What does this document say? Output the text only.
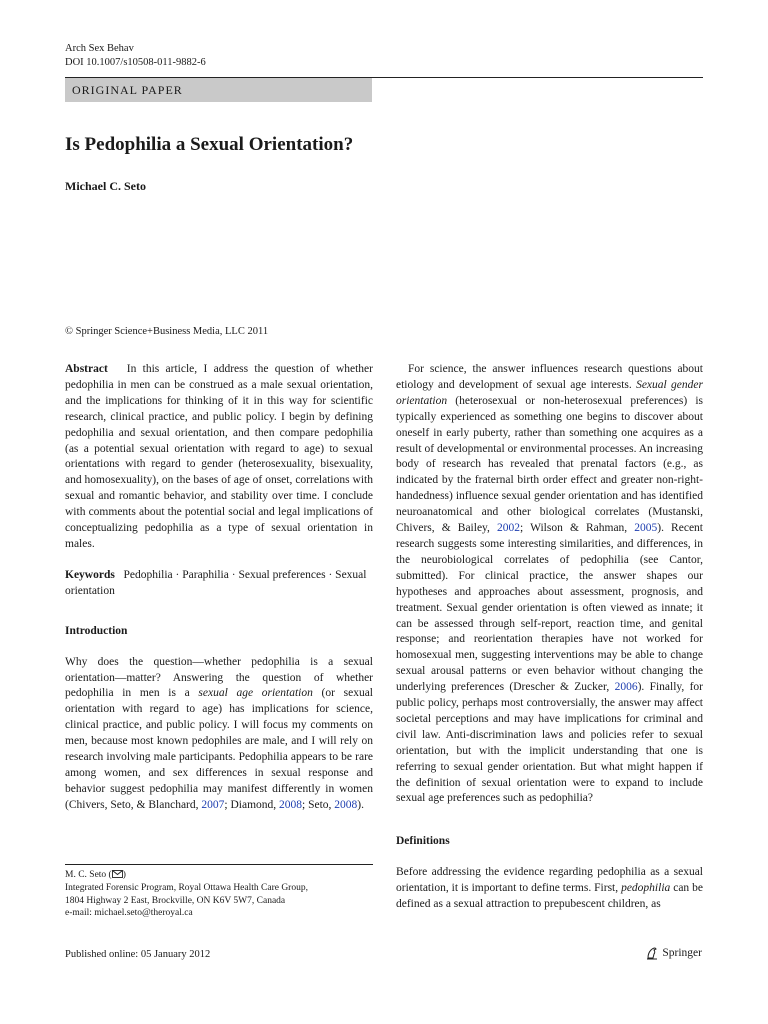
Arch Sex Behav
DOI 10.1007/s10508-011-9882-6
ORIGINAL PAPER
Is Pedophilia a Sexual Orientation?
Michael C. Seto
© Springer Science+Business Media, LLC 2011

Abstract In this article, I address the question of whether pedophilia in men can be construed as a male sexual orientation, and the implications for thinking of it in this way for scientific research, clinical practice, and public policy. I begin by defining pedophilia and sexual orientation, and then compare pedophilia (as a potential sexual orientation with regard to age) to sexual orientations with regard to gender (heterosexuality, bisexuality, and homosexuality), on the bases of age of onset, correlations with sexual and romantic behavior, and stability over time. I conclude with comments about the potential social and legal implications of conceptualizing pedophilia as a type of sexual orientation in males.

Keywords Pedophilia · Paraphilia · Sexual preferences · Sexual orientation

Introduction

Why does the question—whether pedophilia is a sexual orientation—matter? Answering the question of whether pedophilia in men is a sexual age orientation (or sexual orientation with regard to age) has implications for science, clinical practice, and public policy. I will focus my comments on men, because most known pedophiles are male, and I will rely on research involving male participants. Pedophilia appears to be rare among women, and sex differences in sexual response and behavior suggest pedophilia may manifest differently in women (Chivers, Seto, & Blanchard, 2007; Diamond, 2008; Seto, 2008).

For science, the answer influences research questions about etiology and development of sexual age interests. Sexual gender orientation (heterosexual or non-heterosexual preferences) is typically experienced as something one begins to discover about oneself in early puberty, rather than something one acquires as a result of developmental or environmental processes. An increasing body of research has revealed that prenatal factors (e.g., as indicated by the fraternal birth order effect and greater non-right-handedness) influence sexual gender orientation and has identified neuroanatomical and other biological correlates (Mustanski, Chivers, & Bailey, 2002; Wilson & Rahman, 2005). Recent research suggests some interesting similarities, and differences, in the neurobiological correlates of pedophilia (see Cantor, submitted). For clinical practice, the answer shapes our hypotheses and approaches about assessment, prognosis, and treatment. Sexual gender orientation is often viewed as innate; it can be assessed through self-report, reaction time, and genital response; and reorientation therapies have not worked for homosexual men, suggesting interventions may be able to change sexual arousal patterns or even behavior without changing the underlying preferences (Drescher & Zucker, 2006). Finally, for public policy, perhaps most controversially, the answer may affect societal perceptions and may have implications for criminal and civil law. Anti-discrimination laws and policies refer to sexual orientation, but with the implicit understanding that one is referring to sexual gender orientation. But what might happen if the definition of sexual orientation were to expand to include sexual age preferences such as pedophilia?

Definitions

Before addressing the evidence regarding pedophilia as a sexual orientation, it is important to define terms. First, pedophilia can be defined as a sexual attraction to prepubescent children, as

M. C. Seto ( )
Integrated Forensic Program, Royal Ottawa Health Care Group,
1804 Highway 2 East, Brockville, ON K6V 5W7, Canada
e-mail: michael.seto@theroyal.ca
Published online: 05 January 2012	Springer
